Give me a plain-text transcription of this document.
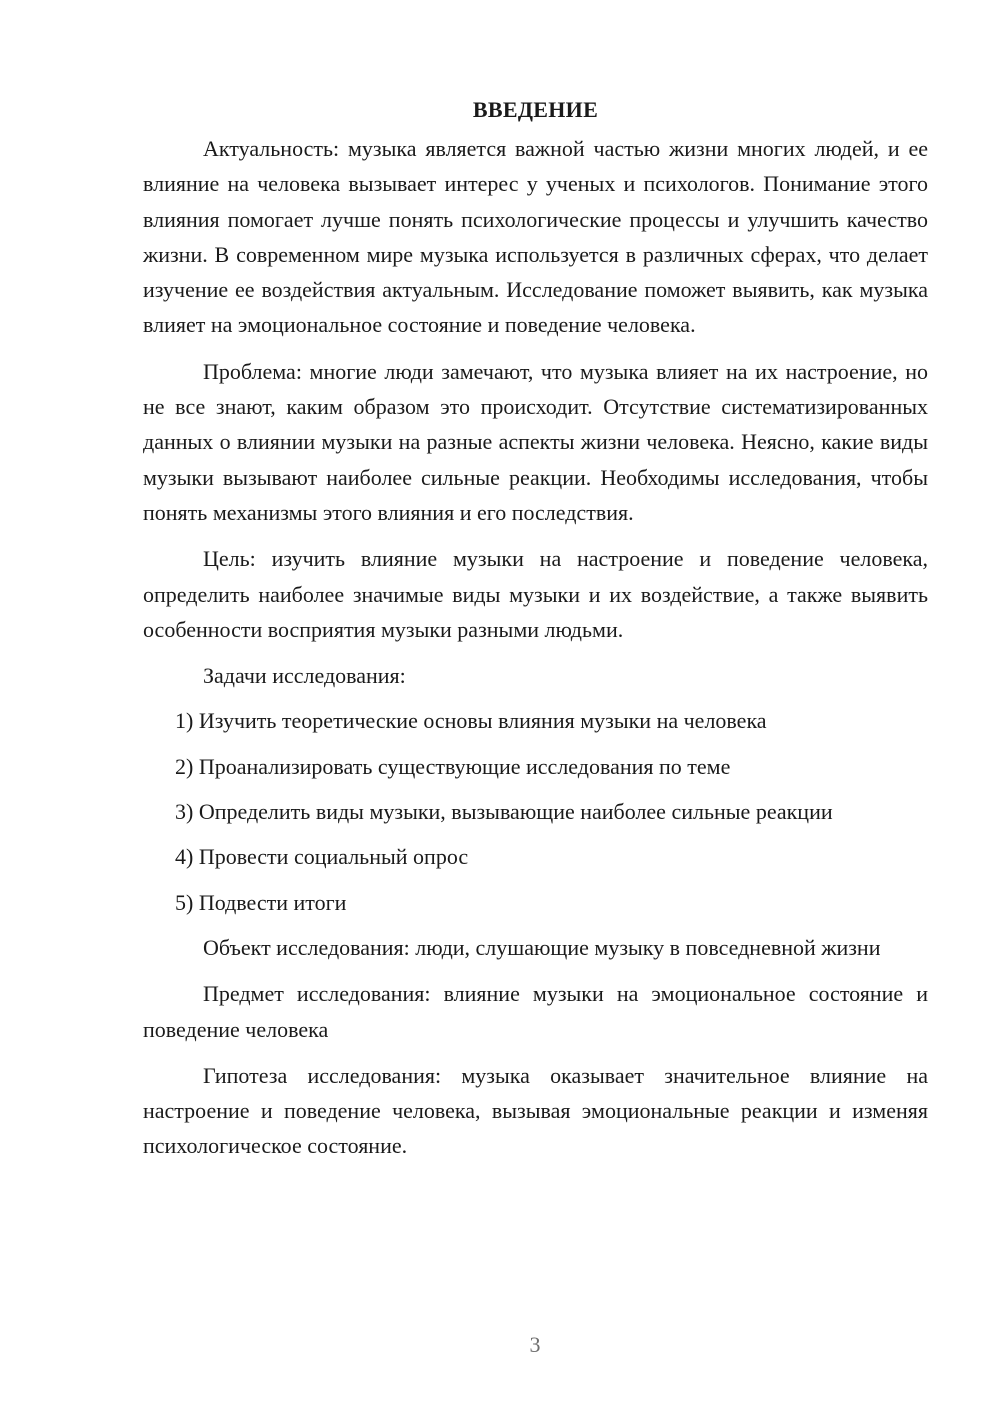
ВВЕДЕНИЕ

Актуальность: музыка является важной частью жизни многих людей, и ее влияние на человека вызывает интерес у ученых и психологов. Понимание этого влияния помогает лучше понять психологические процессы и улучшить качество жизни. В современном мире музыка используется в различных сферах, что делает изучение ее воздействия актуальным. Исследование поможет выявить, как музыка влияет на эмоциональное состояние и поведение человека.

Проблема: многие люди замечают, что музыка влияет на их настроение, но не все знают, каким образом это происходит. Отсутствие систематизированных данных о влиянии музыки на разные аспекты жизни человека. Неясно, какие виды музыки вызывают наиболее сильные реакции. Необходимы исследования, чтобы понять механизмы этого влияния и его последствия.

Цель: изучить влияние музыки на настроение и поведение человека, определить наиболее значимые виды музыки и их воздействие, а также выявить особенности восприятия музыки разными людьми.

Задачи исследования:

1) Изучить теоретические основы влияния музыки на человека
2) Проанализировать существующие исследования по теме
3) Определить виды музыки, вызывающие наиболее сильные реакции
4) Провести социальный опрос
5) Подвести итоги

Объект исследования: люди, слушающие музыку в повседневной жизни

Предмет исследования: влияние музыки на эмоциональное состояние и поведение человека

Гипотеза исследования: музыка оказывает значительное влияние на настроение и поведение человека, вызывая эмоциональные реакции и изменяя психологическое состояние.

3
